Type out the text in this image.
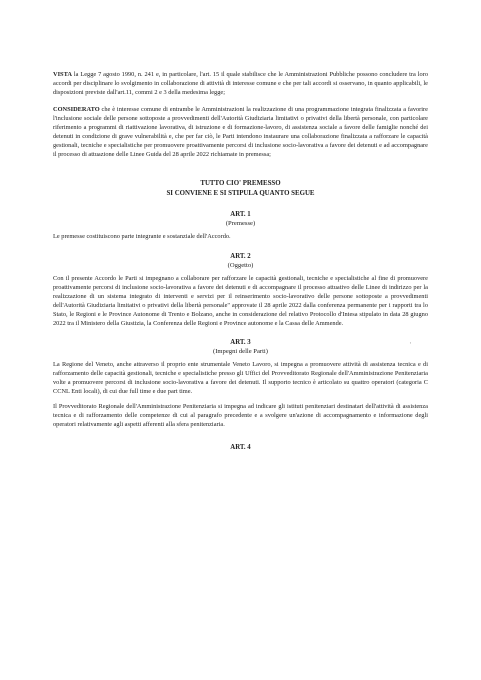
VISTA la Legge 7 agosto 1990, n. 241 e, in particolare, l'art. 15 il quale stabilisce che le Amministrazioni Pubbliche possono concludere tra loro accordi per disciplinare lo svolgimento in collaborazione di attività di interesse comune e che per tali accordi si osservano, in quanto applicabili, le disposizioni previste dall'art.11, commi 2 e 3 della medesima legge;

CONSIDERATO che è interesse comune di entrambe le Amministrazioni la realizzazione di una programmazione integrata finalizzata a favorire l'inclusione sociale delle persone sottoposte a provvedimenti dell'Autorità Giudiziaria limitativi o privativi della libertà personale, con particolare riferimento a programmi di riattivazione lavorativa, di istruzione e di formazione-lavoro, di assistenza sociale a favore delle famiglie nonché dei detenuti in condizione di grave vulnerabilità e, che per far ciò, le Parti intendono instaurare una collaborazione finalizzata a rafforzare le capacità gestionali, tecniche e specialistiche per promuovere proattivamente percorsi di inclusione socio-lavorativa a favore dei detenuti e ad accompagnare il processo di attuazione delle Linee Guida del 28 aprile 2022 richiamate in premessa;

TUTTO CIO' PREMESSO

SI CONVIENE E SI STIPULA QUANTO SEGUE

ART. 1

(Premesse)

Le premesse costituiscono parte integrante e sostanziale dell'Accordo.

ART. 2

(Oggetto)

Con il presente Accordo le Parti si impegnano a collaborare per rafforzare le capacità gestionali, tecniche e specialistiche al fine di promuovere proattivamente percorsi di inclusione socio-lavorativa a favore dei detenuti e di accompagnare il processo attuativo delle Linee di indirizzo per la realizzazione di un sistema integrato di interventi e servizi per il reinserimento socio-lavorativo delle persone sottoposte a provvedimenti dell'Autorità Giudiziaria limitativi o privativi della libertà personale" approvate il 28 aprile 2022 dalla conferenza permanente per i rapporti tra lo Stato, le Regioni e le Province Autonome di Trento e Bolzano, anche in considerazione del relativo Protocollo d'Intesa stipulato in data 28 giugno 2022 tra il Ministero della Giustizia, la Conferenza delle Regioni e Province autonome e la Cassa delle Ammende.

ART. 3

(Impegni delle Parti)

La Regione del Veneto, anche attraverso il proprio ente strumentale Veneto Lavoro, si impegna a promuovere attività di assistenza tecnica e di rafforzamento delle capacità gestionali, tecniche e specialistiche presso gli Uffici del Provveditorato Regionale dell'Amministrazione Penitenziaria volte a promuovere percorsi di inclusione socio-lavorativa a favore dei detenuti. Il supporto tecnico è articolato su quattro operatori (categoria C CCNL Enti locali), di cui due full time e due part time.

Il Provveditorato Regionale dell'Amministrazione Penitenziaria si impegna ad indicare gli istituti penitenziari destinatari dell'attività di assistenza tecnica e di rafforzamento delle competenze di cui al paragrafo precedente e a svolgere un'azione di accompagnamento e informazione degli operatori relativamente agli aspetti afferenti alla sfera penitenziaria.

ART. 4

˒
